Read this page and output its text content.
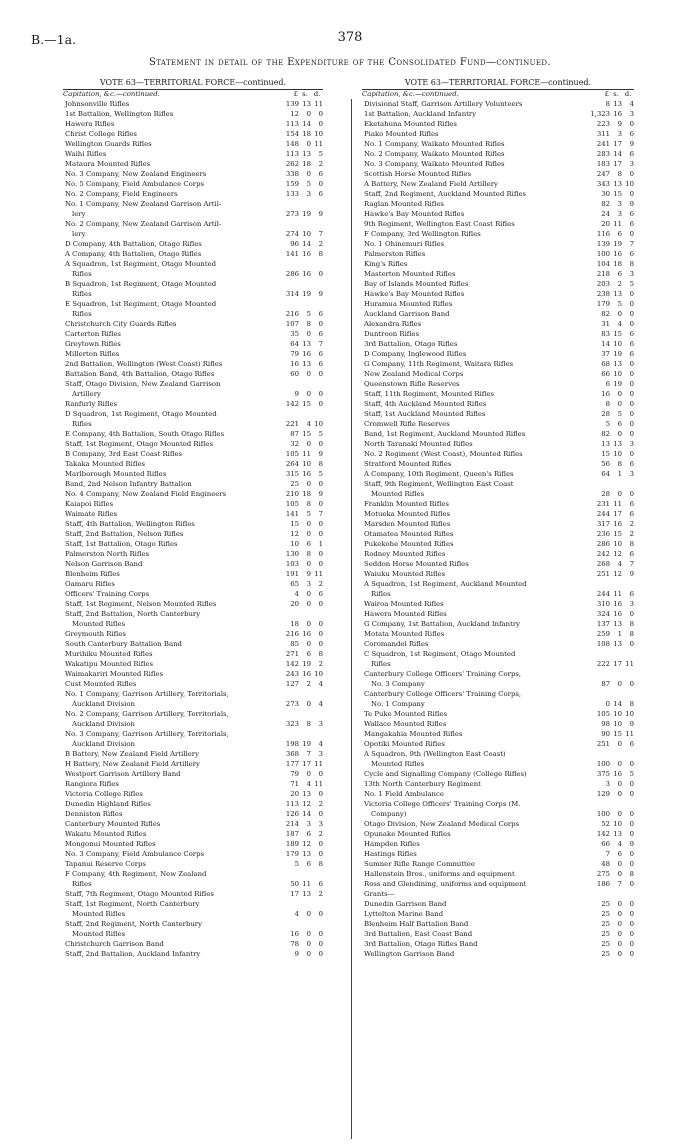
B.—1a.	378
Statement in detail of the Expenditure of the Consolidated Fund—continued.
VOTE 63—TERRITORIAL FORCE—continued.
Capitation, &c.—continued.	£ s. d.
Johnsonville Rifles	139 13 11
1st Battalion, Wellington Rifles	12	0	0
Hawera Rifles	113 14	0
Christ College Rifles	154 18 10
Wellington Guards Rifles	148	0 11
Waihi Rifles	113 13	5
Mataura Mounted Rifles	262 18	2
No. 3 Company, New Zealand Engineers	338	0	6
No. 5 Company, Field Ambulance Corps	159	5	0
No. 2 Company, Field Engineers	133	3	6
No. 1 Company, New Zealand Garrison Artil-
lery	273 19	9
No. 2 Company, New Zealand Garrison Artil-
lery	274 10	7
D Company, 4th Battalion, Otago Rifles	96 14	2
A Company, 4th Battalion, Otago Rifles	141 16	8
A Squadron, 1st Regiment, Otago Mounted
Rifles	286 16	0
B Squadron, 1st Regiment, Otago Mounted
Rifles	314 19	9
E Squadron, 1st Regiment, Otago Mounted
Rifles	216	5	6
Christchurch City Guards Rifles	107	8	0
Carterton Rifles	35	0	6
Greytown Rifles	64 13	7
Millerton Rifles	79 16	6
2nd Battalion, Wellington (West Coast) Rifles	16 13	6
Battalion Band, 4th Battalion, Otago Rifles	60	0	0
Staff, Otago Division, New Zealand Garrison
Artillery	9	0	0
Ranfurly Rifles	142 15	0
D Squadron, 1st Regiment, Otago Mounted
Rifles	221	4 10
E Company, 4th Battalion, South Otago Rifles	87 15	5
Staff, 1st Regiment, Otago Mounted Rifles	32	0	0
B Company, 3rd East Coast Rifles	105 11	9
Takaka Mounted Rifles	264 10	8
Marlborough Mounted Rifles	315 16	5
Band, 2nd Nelson Infantry Battalion	25	0	0
No. 4 Company, New Zealand Field Engineers	210 18	9
Kaiapoi Rifles	105	8	0
Waimate Rifles	141	5	7
Staff, 4th Battalion, Wellington Rifles	15	0	0
Staff, 2nd Battalion, Nelson Rifles	12	0	0
Staff, 1st Battalion, Otago Rifles	10	6	1
Palmerston North Rifles	130	8	0
Nelson Garrison Band	103	0	0
Blenheim Rifles	191	9 11
Oamaru Rifles	65	3	2
Officers' Training Corps	4	0	6
Staff, 1st Regiment, Nelson Mounted Rifles	20	0	0
Staff, 2nd Battalion, North Canterbury
Mounted Rifles	18	0	0
Greymouth Rifles	216 16	0
South Canterbury Battalion Band	85	0	0
Murihiku Mounted Rifles	271	6	8
Wakatipu Mounted Rifles	142 19	2
Waimakariri Mounted Rifles	243 16 10
Cust Mounted Rifles	127	2	4
No. 1 Company, Garrison Artillery, Territorials,
Auckland Division	273	0	4
No. 2 Company, Garrison Artillery, Territorials,
Auckland Division	323	8	3
No. 3 Company, Garrison Artillery, Territorials,
Auckland Division	198 19	4
B Battery, New Zealand Field Artillery	368	7	3
H Battery, New Zealand Field Artillery	177 17 11
Westport Garrison Artillery Band	79	0	0
Rangiora Rifles	71	4 11
Victoria College Rifles	20 13	0
Dunedin Highland Rifles	113 12	2
Denniston Rifles	126 14	0
Canterbury Mounted Rifles	214	3	3
Wakatu Mounted Rifles	187	6	2
Mongonui Mounted Rifles	189 12	0
No. 3 Company, Field Ambulance Corps	179 13	0
Tapanui Reserve Corps	5	6	8
F Company, 4th Regiment, New Zealand
Rifles	50 11	6
Staff, 7th Regiment, Otago Mounted Rifles	17 13	2
Staff, 1st Regiment, North Canterbury
Mounted Rifles	4	0	0
Staff, 2nd Regiment, North Canterbury
Mounted Rifles	16	0	0
Christchurch Garrison Band	78	0	0
Staff, 2nd Battalion, Auckland Infantry	9	0	0
VOTE 63—TERRITORIAL FORCE—continued.
Capitation, &c.—continued.	£ s. d.
Divisional Staff, Garrison Artillery Volunteers	8 13	4
1st Battalion, Auckland Infantry	1,323 16	3
Eketahuna Mounted Rifles	223	9	0
Piako Mounted Rifles	311	3	6
No. 1 Company, Waikato Mounted Rifles	241 17	9
No. 2 Company, Waikato Mounted Rifles	283 14	6
No. 3 Company, Waikato Mounted Rifles	183 17	3
Scottish Horse Mounted Rifles	247	8	0
A Battery, New Zealand Field Artillery	343 13 10
Staff, 2nd Regiment, Auckland Mounted Rifles	30 15	0
Raglan Mounted Rifles	82	3	9
Hawke's Bay Mounted Rifles	24	3	6
9th Regiment, Wellington East Coast Rifles	20 11	6
F Company, 3rd Wellington Rifles	116	6	0
No. 1 Ohinemuri Rifles	139 19	7
Palmerston Rifles	100 16	6
King's Rifles	104 18	8
Masterton Mounted Rifles	218	6	3
Bay of Islands Mounted Rifles	203	2	5
Hawke's Bay Mounted Rifles	238 13	0
Huramua Mounted Rifles	179	5	0
Auckland Garrison Band	82	0	0
Alexandra Rifles	31	4	0
Duntroon Rifles	83 15	6
3rd Battalion, Otago Rifles	14 10	6
D Company, Inglewood Rifles	37 19	6
G Company, 11th Regiment, Waitara Rifles	68 13	0
New Zealand Medical Corps	66 10	0
Queenstown Rifle Reserves	6 19	0
Staff, 11th Regiment, Mounted Rifles	16	0	0
Staff, 4th Auckland Mounted Rifles	8	0	0
Staff, 1st Auckland Mounted Rifles	28	5	0
Cromwell Rifle Reserves	5	6	0
Band, 1st Regiment, Auckland Mounted Rifles	82	0	0
North Taranaki Mounted Rifles	13 13	3
No. 2 Regiment (West Coast), Mounted Rifles	15 10	0
Stratford Mounted Rifles	56	8	6
A Company, 10th Regiment, Queen's Rifles	64	1	3
Staff, 9th Regiment, Wellington East Coast
Mounted Rifles	28	0	0
Franklin Mounted Rifles	231 11	6
Motueka Mounted Rifles	244 17	6
Marsden Mounted Rifles	317 16	2
Otamatea Mounted Rifles	236 15	2
Pukekohe Mounted Rifles	286 10	8
Rodney Mounted Rifles	242 12	6
Seddon Horse Mounted Rifles	268	4	7
Waiuku Mounted Rifles	251 12	9
A Squadron, 1st Regiment, Auckland Mounted
Rifles	244 11	6
Wairoa Mounted Rifles	310 16	3
Hawera Mounted Rifles	324 16	0
G Company, 1st Battalion, Auckland Infantry	137 13	8
Motata Mounted Rifles	259	1	8
Coromandel Rifles	108 13	0
C Squadron, 1st Regiment, Otago Mounted
Rifles	222 17 11
Canterbury College Officers' Training Corps,
No. 3 Company	87	0	0
Canterbury College Officers' Training Corps,
No. 1 Company	0 14	8
Te Puke Mounted Rifles	105 10 10
Wallace Mounted Rifles	98 10	9
Mangakahia Mounted Rifles	90 15 11
Opotiki Mounted Rifles	251	0	6
A Squadron, 9th (Wellington East Coast)
Mounted Rifles	100	0	0
Cycle and Signalling Company (College Rifles)	375 16	5
13th North Canterbury Regiment	3	0	0
No. 1 Field Ambulance	129	0	0
Victoria College Officers' Training Corps (M.
Company)	100	0	0
Otago Division, New Zealand Medical Corps	52 10	0
Opunake Mounted Rifles	142 13	0
Hampden Rifles	66	4	9
Hastings Rifles	7	6	0
Sumner Rifle Range Committee	48	0	0
Hallenstein Bros., uniforms and equipment	275	0	8
Ross and Glendining, uniforms and equipment	186	7	0
Grants—
Dunedin Garrison Band	25	0	0
Lyttelton Marine Band	25	0	0
Blenheim Half Battalion Band	25	0	0
3rd Battalion, East Coast Band	25	0	0
3rd Battalion, Otago Rifles Band	25	0	0
Wellington Garrison Band	25	0	0
